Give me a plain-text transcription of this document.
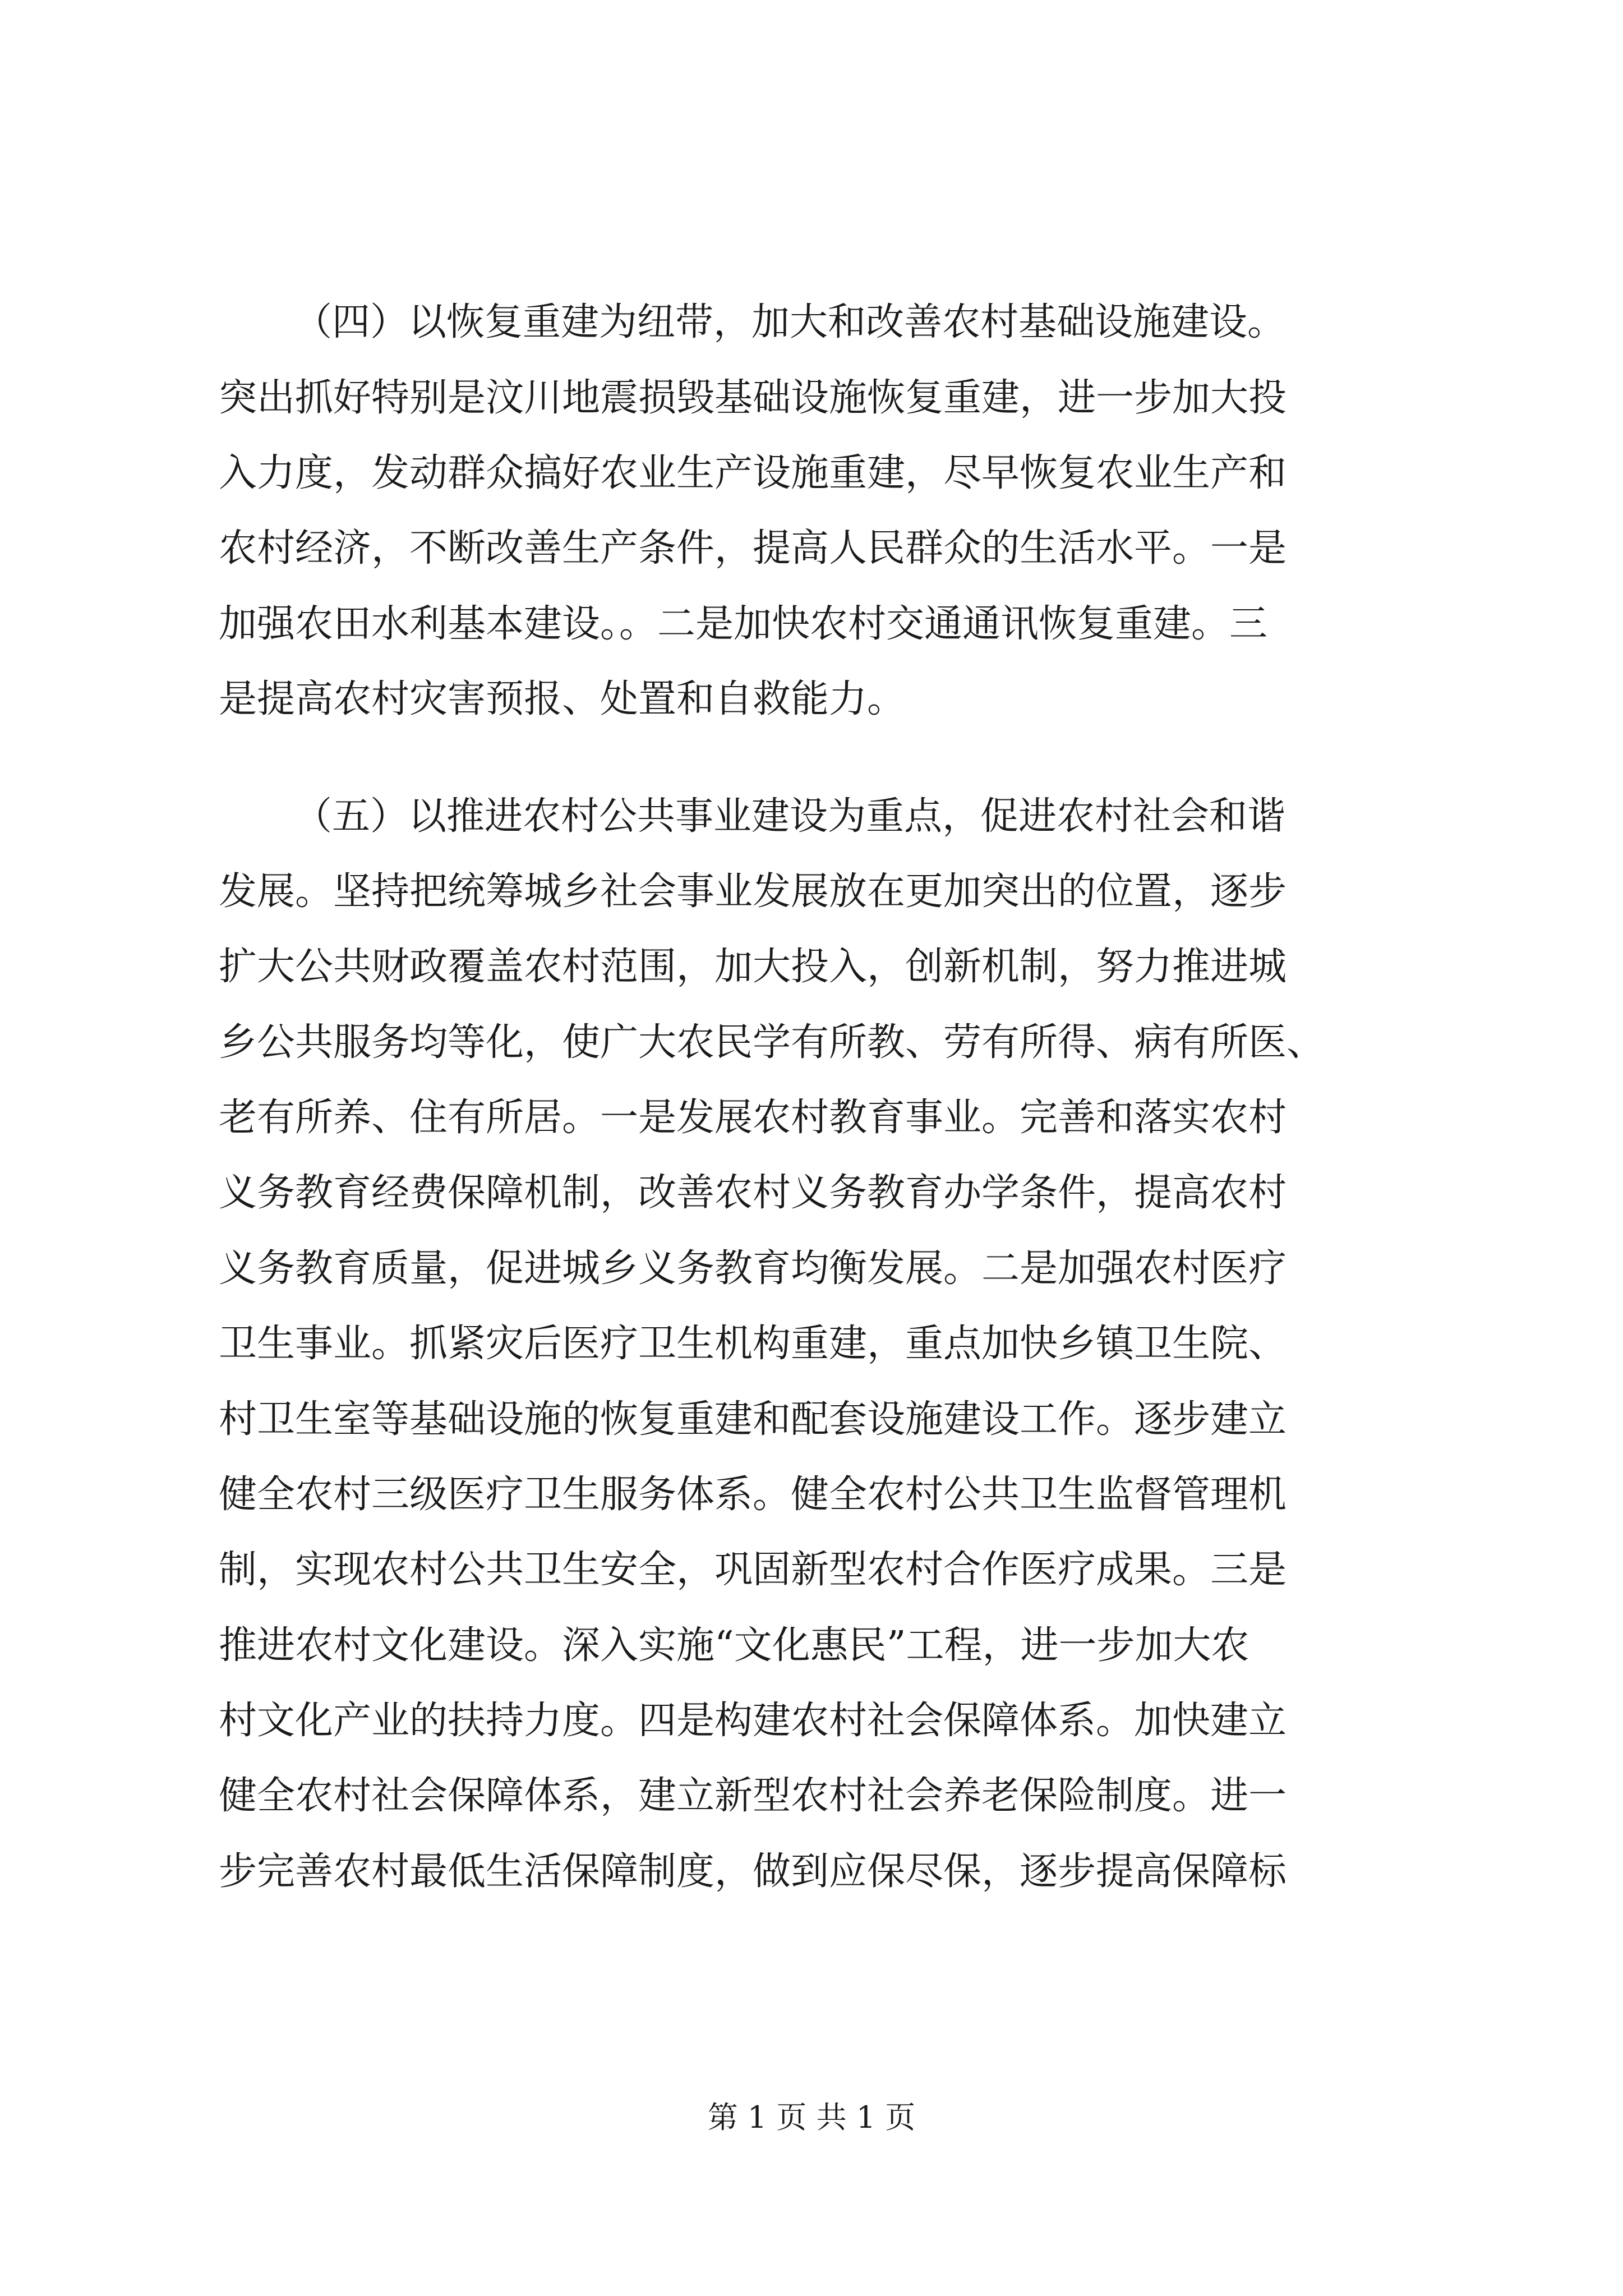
（四）以恢复重建为纽带，加大和改善农村基础设施建设。
突出抓好特别是汶川地震损毁基础设施恢复重建，进一步加大投
入力度，发动群众搞好农业生产设施重建，尽早恢复农业生产和
农村经济，不断改善生产条件，提高人民群众的生活水平。一是
加强农田水利基本建设。。二是加快农村交通通讯恢复重建。三
是提高农村灾害预报、处置和自救能力。
（五）以推进农村公共事业建设为重点，促进农村社会和谐
发展。坚持把统筹城乡社会事业发展放在更加突出的位置，逐步
扩大公共财政覆盖农村范围，加大投入，创新机制，努力推进城
乡公共服务均等化，使广大农民学有所教、劳有所得、病有所医、
老有所养、住有所居。一是发展农村教育事业。完善和落实农村
义务教育经费保障机制，改善农村义务教育办学条件，提高农村
义务教育质量，促进城乡义务教育均衡发展。二是加强农村医疗
卫生事业。抓紧灾后医疗卫生机构重建，重点加快乡镇卫生院、
村卫生室等基础设施的恢复重建和配套设施建设工作。逐步建立
健全农村三级医疗卫生服务体系。健全农村公共卫生监督管理机
制，实现农村公共卫生安全，巩固新型农村合作医疗成果。三是
推进农村文化建设。深入实施“文化惠民”工程，进一步加大农
村文化产业的扶持力度。四是构建农村社会保障体系。加快建立
健全农村社会保障体系，建立新型农村社会养老保险制度。进一
步完善农村最低生活保障制度，做到应保尽保，逐步提高保障标
第 1 页 共 1 页
